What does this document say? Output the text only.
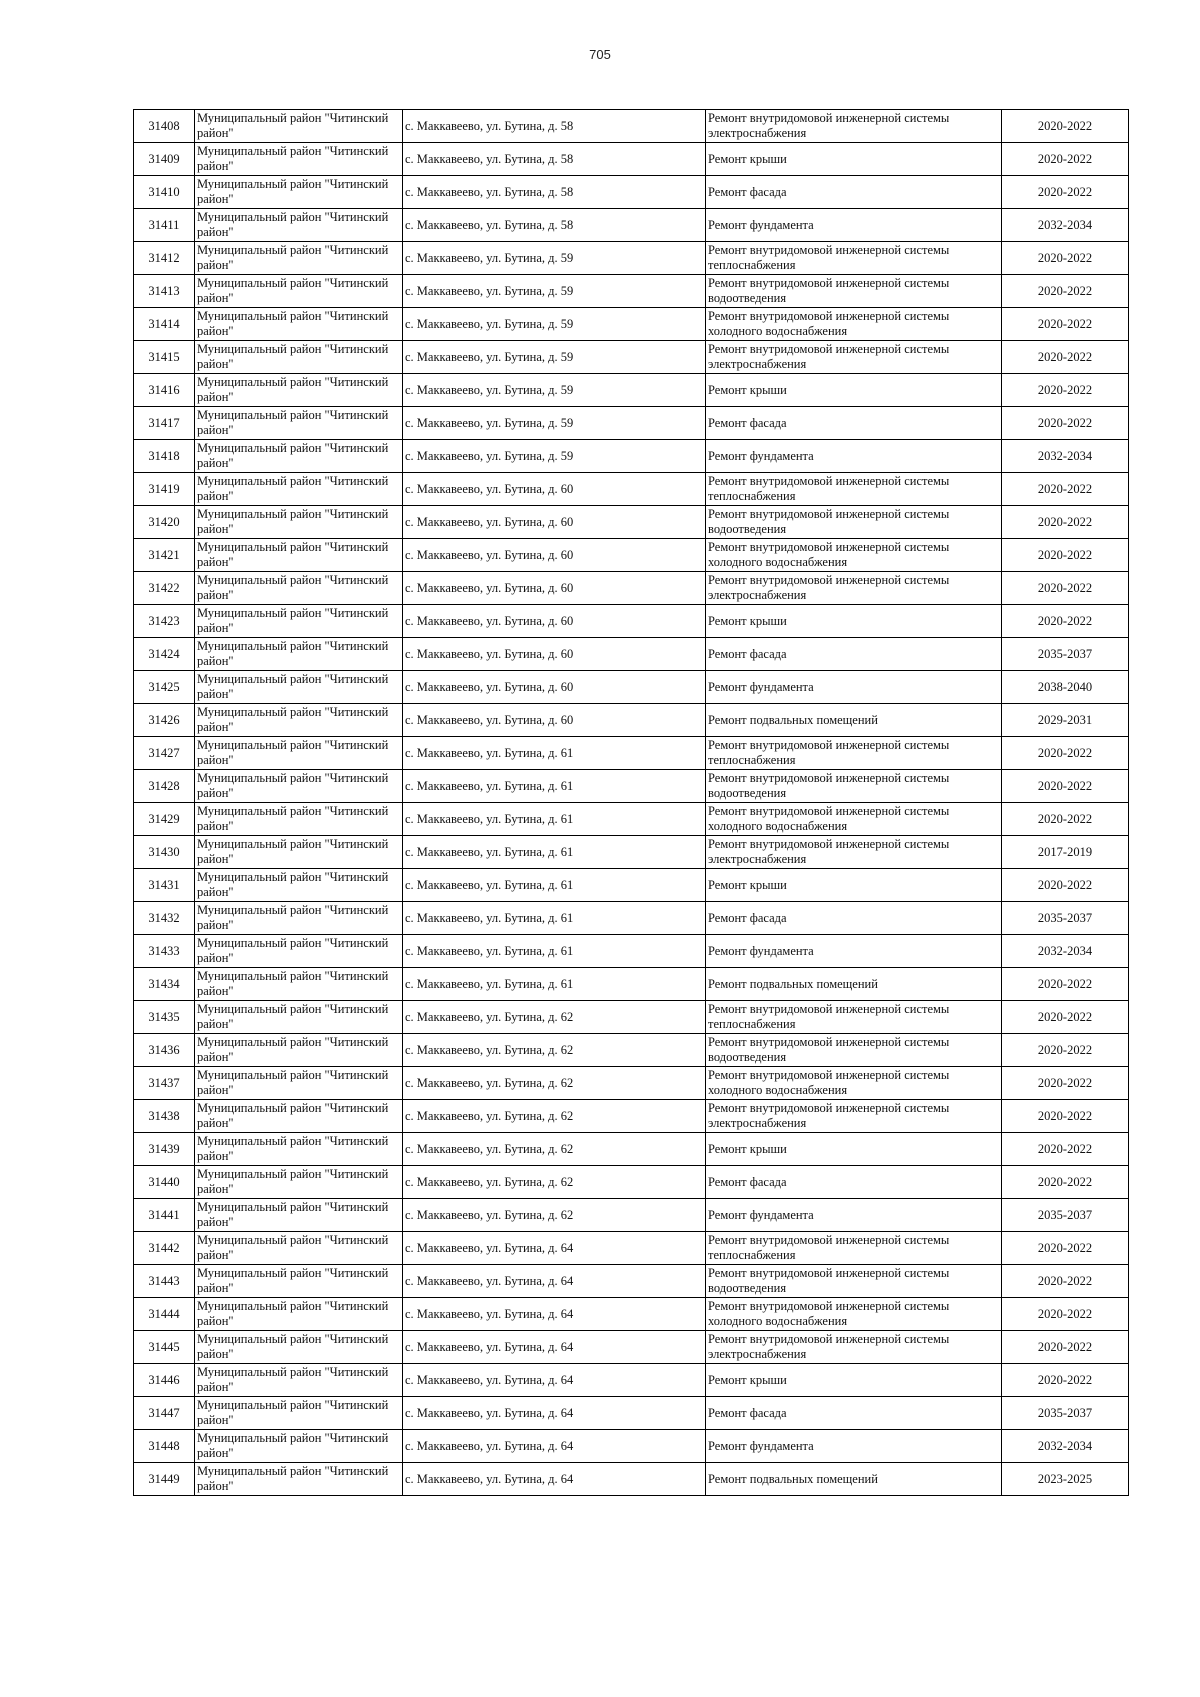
705
31408	Муниципальный район "Читинский район"	с. Маккавеево, ул. Бутина, д. 58	Ремонт внутридомовой инженерной системы электроснабжения	2020-2022
31409	Муниципальный район "Читинский район"	с. Маккавеево, ул. Бутина, д. 58	Ремонт крыши	2020-2022
31410	Муниципальный район "Читинский район"	с. Маккавеево, ул. Бутина, д. 58	Ремонт фасада	2020-2022
31411	Муниципальный район "Читинский район"	с. Маккавеево, ул. Бутина, д. 58	Ремонт фундамента	2032-2034
31412	Муниципальный район "Читинский район"	с. Маккавеево, ул. Бутина, д. 59	Ремонт внутридомовой инженерной системы теплоснабжения	2020-2022
31413	Муниципальный район "Читинский район"	с. Маккавеево, ул. Бутина, д. 59	Ремонт внутридомовой инженерной системы водоотведения	2020-2022
31414	Муниципальный район "Читинский район"	с. Маккавеево, ул. Бутина, д. 59	Ремонт внутридомовой инженерной системы холодного водоснабжения	2020-2022
31415	Муниципальный район "Читинский район"	с. Маккавеево, ул. Бутина, д. 59	Ремонт внутридомовой инженерной системы электроснабжения	2020-2022
31416	Муниципальный район "Читинский район"	с. Маккавеево, ул. Бутина, д. 59	Ремонт крыши	2020-2022
31417	Муниципальный район "Читинский район"	с. Маккавеево, ул. Бутина, д. 59	Ремонт фасада	2020-2022
31418	Муниципальный район "Читинский район"	с. Маккавеево, ул. Бутина, д. 59	Ремонт фундамента	2032-2034
31419	Муниципальный район "Читинский район"	с. Маккавеево, ул. Бутина, д. 60	Ремонт внутридомовой инженерной системы теплоснабжения	2020-2022
31420	Муниципальный район "Читинский район"	с. Маккавеево, ул. Бутина, д. 60	Ремонт внутридомовой инженерной системы водоотведения	2020-2022
31421	Муниципальный район "Читинский район"	с. Маккавеево, ул. Бутина, д. 60	Ремонт внутридомовой инженерной системы холодного водоснабжения	2020-2022
31422	Муниципальный район "Читинский район"	с. Маккавеево, ул. Бутина, д. 60	Ремонт внутридомовой инженерной системы электроснабжения	2020-2022
31423	Муниципальный район "Читинский район"	с. Маккавеево, ул. Бутина, д. 60	Ремонт крыши	2020-2022
31424	Муниципальный район "Читинский район"	с. Маккавеево, ул. Бутина, д. 60	Ремонт фасада	2035-2037
31425	Муниципальный район "Читинский район"	с. Маккавеево, ул. Бутина, д. 60	Ремонт фундамента	2038-2040
31426	Муниципальный район "Читинский район"	с. Маккавеево, ул. Бутина, д. 60	Ремонт подвальных помещений	2029-2031
31427	Муниципальный район "Читинский район"	с. Маккавеево, ул. Бутина, д. 61	Ремонт внутридомовой инженерной системы теплоснабжения	2020-2022
31428	Муниципальный район "Читинский район"	с. Маккавеево, ул. Бутина, д. 61	Ремонт внутридомовой инженерной системы водоотведения	2020-2022
31429	Муниципальный район "Читинский район"	с. Маккавеево, ул. Бутина, д. 61	Ремонт внутридомовой инженерной системы холодного водоснабжения	2020-2022
31430	Муниципальный район "Читинский район"	с. Маккавеево, ул. Бутина, д. 61	Ремонт внутридомовой инженерной системы электроснабжения	2017-2019
31431	Муниципальный район "Читинский район"	с. Маккавеево, ул. Бутина, д. 61	Ремонт крыши	2020-2022
31432	Муниципальный район "Читинский район"	с. Маккавеево, ул. Бутина, д. 61	Ремонт фасада	2035-2037
31433	Муниципальный район "Читинский район"	с. Маккавеево, ул. Бутина, д. 61	Ремонт фундамента	2032-2034
31434	Муниципальный район "Читинский район"	с. Маккавеево, ул. Бутина, д. 61	Ремонт подвальных помещений	2020-2022
31435	Муниципальный район "Читинский район"	с. Маккавеево, ул. Бутина, д. 62	Ремонт внутридомовой инженерной системы теплоснабжения	2020-2022
31436	Муниципальный район "Читинский район"	с. Маккавеево, ул. Бутина, д. 62	Ремонт внутридомовой инженерной системы водоотведения	2020-2022
31437	Муниципальный район "Читинский район"	с. Маккавеево, ул. Бутина, д. 62	Ремонт внутридомовой инженерной системы холодного водоснабжения	2020-2022
31438	Муниципальный район "Читинский район"	с. Маккавеево, ул. Бутина, д. 62	Ремонт внутридомовой инженерной системы электроснабжения	2020-2022
31439	Муниципальный район "Читинский район"	с. Маккавеево, ул. Бутина, д. 62	Ремонт крыши	2020-2022
31440	Муниципальный район "Читинский район"	с. Маккавеево, ул. Бутина, д. 62	Ремонт фасада	2020-2022
31441	Муниципальный район "Читинский район"	с. Маккавеево, ул. Бутина, д. 62	Ремонт фундамента	2035-2037
31442	Муниципальный район "Читинский район"	с. Маккавеево, ул. Бутина, д. 64	Ремонт внутридомовой инженерной системы теплоснабжения	2020-2022
31443	Муниципальный район "Читинский район"	с. Маккавеево, ул. Бутина, д. 64	Ремонт внутридомовой инженерной системы водоотведения	2020-2022
31444	Муниципальный район "Читинский район"	с. Маккавеево, ул. Бутина, д. 64	Ремонт внутридомовой инженерной системы холодного водоснабжения	2020-2022
31445	Муниципальный район "Читинский район"	с. Маккавеево, ул. Бутина, д. 64	Ремонт внутридомовой инженерной системы электроснабжения	2020-2022
31446	Муниципальный район "Читинский район"	с. Маккавеево, ул. Бутина, д. 64	Ремонт крыши	2020-2022
31447	Муниципальный район "Читинский район"	с. Маккавеево, ул. Бутина, д. 64	Ремонт фасада	2035-2037
31448	Муниципальный район "Читинский район"	с. Маккавеево, ул. Бутина, д. 64	Ремонт фундамента	2032-2034
31449	Муниципальный район "Читинский район"	с. Маккавеево, ул. Бутина, д. 64	Ремонт подвальных помещений	2023-2025
